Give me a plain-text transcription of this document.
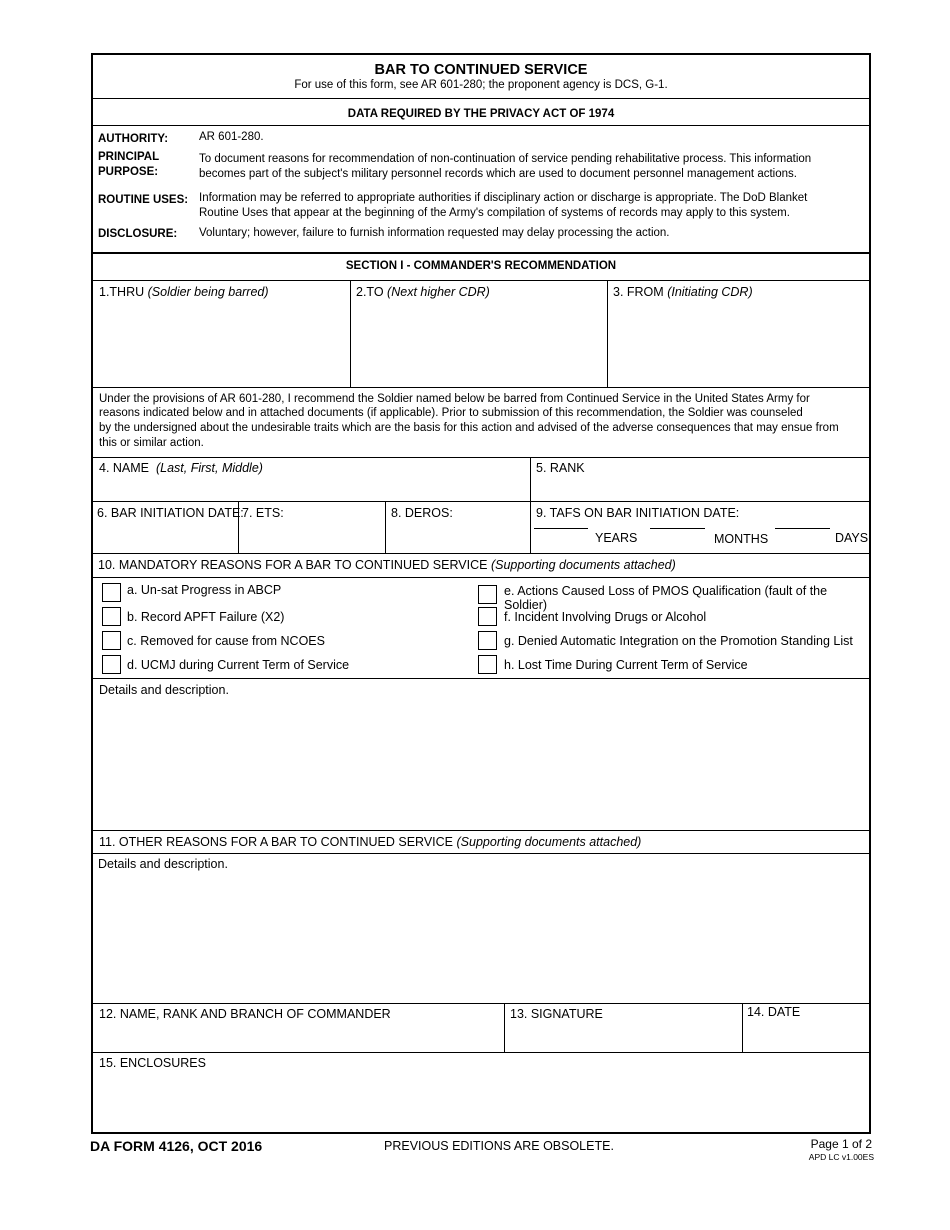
BAR TO CONTINUED SERVICE
For use of this form, see AR 601-280; the proponent agency is DCS, G-1.
DATA REQUIRED BY THE PRIVACY ACT OF 1974
AUTHORITY:	AR 601-280.
PRINCIPAL
PURPOSE:
To document reasons for recommendation of non-continuation of service pending rehabilitative process. This information
becomes part of the subject's military personnel records which are used to document personnel management actions.
ROUTINE USES: Information may be referred to appropriate authorities if disciplinary action or discharge is appropriate. The DoD Blanket
Routine Uses that appear at the beginning of the Army's compilation of systems of records may apply to this system.
DISCLOSURE: Voluntary; however, failure to furnish information requested may delay processing the action.
SECTION I - COMMANDER'S RECOMMENDATION
1.THRU (Soldier being barred)	2.TO (Next higher CDR)	3. FROM (Initiating CDR)
Under the provisions of AR 601-280, I recommend the Soldier named below be barred from Continued Service in the United States Army for
reasons indicated below and in attached documents (if applicable). Prior to submission of this recommendation, the Soldier was counseled
by the undersigned about the undesirable traits which are the basis for this action and advised of the adverse consequences that may ensue from
this or similar action.
4. NAME (Last, First, Middle)	5. RANK
6. BAR INITIATION DATE:
7. ETS:	8. DEROS:	9. TAFS ON BAR INITIATION DATE:
YEARS	MONTHS	DAYS
10. MANDATORY REASONS FOR A BAR TO CONTINUED SERVICE (Supporting documents attached)
a. Un-sat Progress in ABCP
b. Record APFT Failure (X2)
c. Removed for cause from NCOES
d. UCMJ during Current Term of Service
e. Actions Caused Loss of PMOS Qualification (fault of the Soldier)
f. Incident Involving Drugs or Alcohol
g. Denied Automatic Integration on the Promotion Standing List
h. Lost Time During Current Term of Service
Details and description.
11. OTHER REASONS FOR A BAR TO CONTINUED SERVICE (Supporting documents attached)
Details and description.
12. NAME, RANK AND BRANCH OF COMMANDER	13. SIGNATURE	14. DATE
15. ENCLOSURES
DA FORM 4126, OCT 2016	PREVIOUS EDITIONS ARE OBSOLETE.	Page 1 of 2
APD LC v1.00ES
